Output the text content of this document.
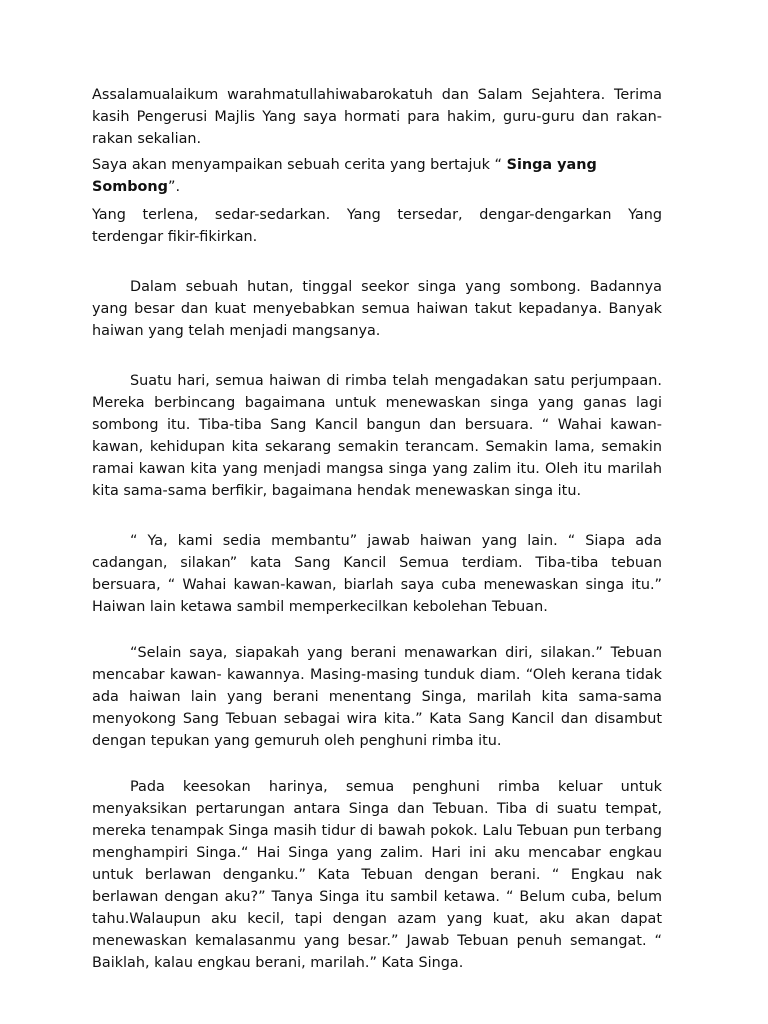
Assalamualaikum warahmatullahiwabarokatuh dan Salam Sejahtera. Terima kasih Pengerusi Majlis Yang saya hormati para hakim, guru-guru dan rakan-rakan sekalian.

Saya akan menyampaikan sebuah cerita yang bertajuk “ Singa yang Sombong”.

Yang terlena, sedar-sedarkan. Yang tersedar, dengar-dengarkan Yang terdengar fikir-fikirkan.

Dalam sebuah hutan, tinggal seekor singa yang sombong. Badannya yang besar dan kuat menyebabkan semua haiwan takut kepadanya. Banyak haiwan yang telah menjadi mangsanya.

Suatu hari, semua haiwan di rimba telah mengadakan satu perjumpaan. Mereka berbincang bagaimana untuk menewaskan singa yang ganas lagi sombong itu. Tiba-tiba Sang Kancil bangun dan bersuara. “ Wahai kawan-kawan, kehidupan kita sekarang semakin terancam. Semakin lama, semakin ramai kawan kita yang menjadi mangsa singa yang zalim itu. Oleh itu marilah kita sama-sama berfikir, bagaimana hendak menewaskan singa itu.

“ Ya, kami sedia membantu” jawab haiwan yang lain. “ Siapa ada cadangan, silakan” kata Sang Kancil Semua terdiam. Tiba-tiba tebuan bersuara, “ Wahai kawan-kawan, biarlah saya cuba menewaskan singa itu.” Haiwan lain ketawa sambil memperkecilkan kebolehan Tebuan.

“Selain saya, siapakah yang berani menawarkan diri, silakan.” Tebuan mencabar kawan- kawannya. Masing-masing tunduk diam. “Oleh kerana tidak ada haiwan lain yang berani menentang Singa, marilah kita sama-sama menyokong Sang Tebuan sebagai wira kita.” Kata Sang Kancil dan disambut dengan tepukan yang gemuruh oleh penghuni rimba itu.

Pada keesokan harinya, semua penghuni rimba keluar untuk menyaksikan pertarungan antara Singa dan Tebuan. Tiba di suatu tempat, mereka tenampak Singa masih tidur di bawah pokok. Lalu Tebuan pun terbang menghampiri Singa.“ Hai Singa yang zalim. Hari ini aku mencabar engkau untuk berlawan denganku.” Kata Tebuan dengan berani. “ Engkau nak berlawan dengan aku?” Tanya Singa itu sambil ketawa. “ Belum cuba, belum tahu.Walaupun aku kecil, tapi dengan azam yang kuat, aku akan dapat menewaskan kemalasanmu yang besar.” Jawab Tebuan penuh semangat. “ Baiklah, kalau engkau berani, marilah.” Kata Singa.
